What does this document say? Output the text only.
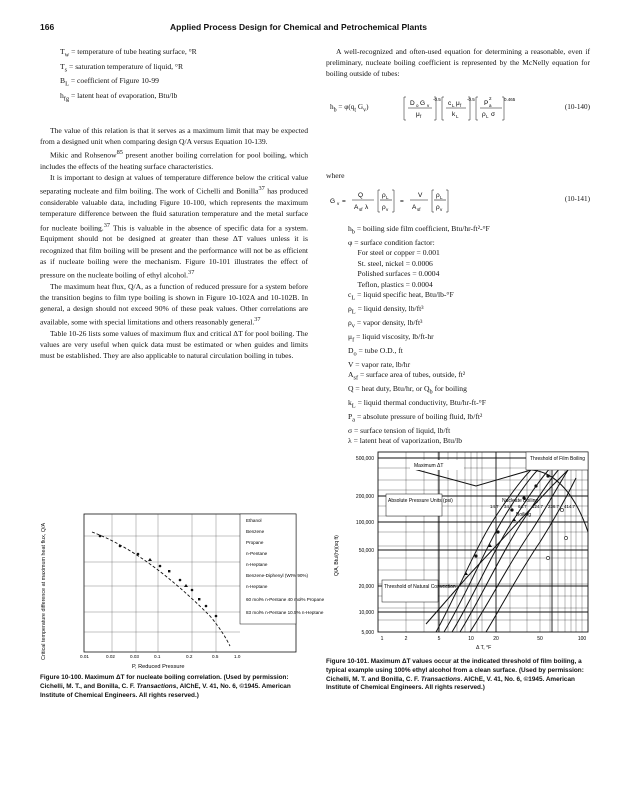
166	Applied Process Design for Chemical and Petrochemical Plants
$T_w$ = temperature of tube heating surface, °R
$T_s$ = saturation temperature of liquid, °R
$B_L$ = coefficient of Figure 10-99
$h_{fg}$ = latent heat of evaporation, Btu/lb

The value of this relation is that it serves as a maximum limit that may be expected from a designed unit when comparing design Q/A versus Equation 10-139.

Mikic and Rohsenow$^{85}$ present another boiling correlation for pool boiling, which includes the effects of the heating surface characteristics.

It is important to design at values of temperature difference below the critical value separating nucleate and film boiling. The work of Cichelli and Bonilla$^{37}$ has produced considerable valuable data, including Figure 10-100, which represents the maximum temperature difference between the fluid saturation temperature and the metal surface for nucleate boiling.$^{37}$ This is valuable in the absence of specific data for a system. Equipment should not be designed at greater than these ΔT values unless it is recognized that film boiling will be present and the performance will not be as efficient as if nucleate boiling were the mechanism. Figure 10-101 illustrates the effect of pressure on the nucleate boiling of ethyl alcohol.$^{37}$

The maximum heat flux, Q/A, as a function of reduced pressure for a system before the transition begins to film type boiling is shown in Figure 10-102A and 10-102B. In general, a design should not exceed 90% of these peak values. Other correlations are available, some with special limitations and others reasonably general.$^{37}$

Table 10-26 lists some values of maximum flux and critical ΔT for pool boiling. The values are very useful when quick data must be estimated or when guides and limits must be established. They are also applicable to natural circulation boiling in tubes.

A well-recognized and often-used equation for determining a reasonable, even if preliminary, nucleate boiling coefficient is represented by the McNelly equation for boiling outside of tubes:

$h_b = \varphi(q_t$ $G_v$)	D o G v
μ f
-0.5
c L μ f
k L
-0.5
P
2
a
ρ L σ
0.465
(10-140)
where
G v =
Q
A sf λ
ρ L
ρ v
=
V
A sf
ρ L
ρ v
(10-141)
$h_b$ = boiling side film coefficient, Btu/hr-ft²-°F
φ = surface condition factor:
For steel or copper = 0.001
St. steel, nickel = 0.0006
Polished surfaces = 0.0004
Teflon, plastics = 0.0004
$c_L$ = liquid specific heat, Btu/lb-°F
$\rho_L$ = liquid density, lb/ft³
$\rho_v$ = vapor density, lb/ft³
$\mu_f$ = liquid viscosity, lb/ft-hr
$D_o$ = tube O.D., ft
V = vapor rate, lb/hr
$A_{sf}$ = surface area of tubes, outside, ft²
Q = heat duty, Btu/hr, or $Q_b$ for boiling
$k_L$ = liquid thermal conductivity, Btu/hr-ft-°F
$P_a$ = absolute pressure of boiling fluid, lb/ft²
σ = surface tension of liquid, lb/ft
λ = latent heat of vaporization, Btu/lb
Ethanol
Benzene
Propane
n-Pentane
n-Heptane
Benzene-Diphenyl (Wt% 90%)
n-Heptane
60 mol% n-Pentane 40 mol% Propane
83 mol% n-Pentane 10.5% n-Heptane
0.01	0.02	0.03	0.1	0.2	0.5	1.0
P, Reduced Pressure
Critical temperature difference at maximum heat flux, Q/A
Figure 10-100. Maximum ΔT for nucleate boiling correlation. (Used by permission: Cichelli, M. T., and Bonilla, C. F. Transactions, AIChE, V. 41, No. 6, ©1945. American Institute of Chemical Engineers. All rights reserved.)
Threshold of Film Boiling
Maximum ΔT
Absolute Pressure Units (psi)	Nucleate Boiling
Threshold of Natural Convection
Boiling
14.7 34.7 64.7 124.7 236.7 414.7
500,000
200,000
100,000
50,000
20,000
10,000
5,000
1	2	5	10	20	50	100
Δ T, °F
Q/A, Btu/(hr)(sq ft)
Figure 10-101. Maximum ΔT values occur at the indicated threshold of film boiling, a typical example using 100% ethyl alcohol from a clean surface. (Used by permission: Cichelli, M. T. and Bonilla, C. F. Transactions. AIChE, V. 41, No. 6, ©1945. American Institute of Chemical Engineers. All rights reserved.)
